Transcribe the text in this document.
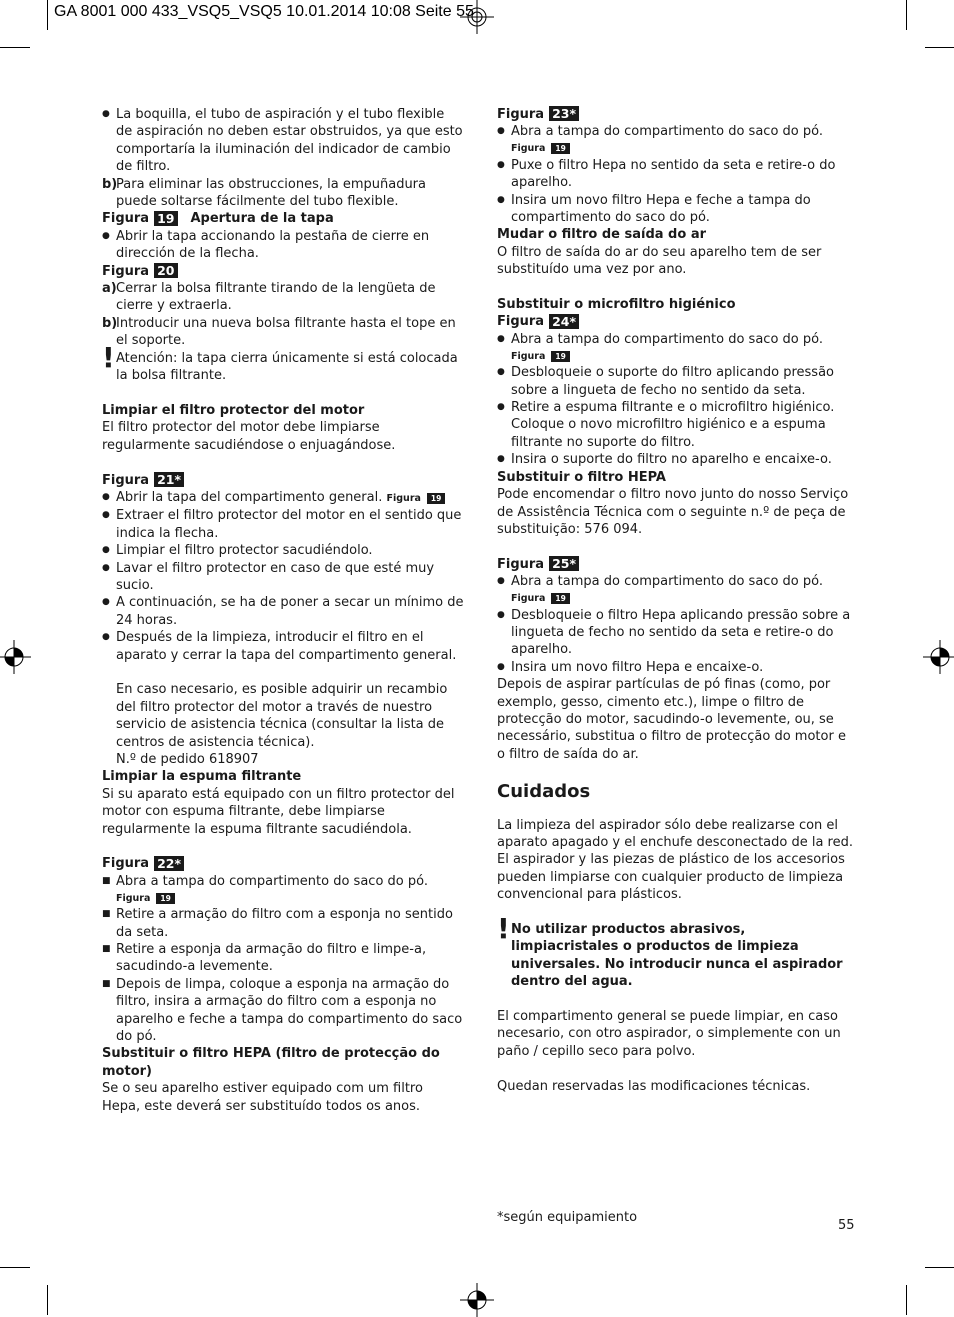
GA 8001 000 433_VSQ5_VSQ5 10.01.2014 10:08 Seite 55
● La boquilla, el tubo de aspiración y el tubo flexible de aspiración no deben estar obstruidos, ya que esto comportaría la iluminación del indicador de cambio de filtro.
b)
Para eliminar las obstrucciones, la empuñadura puede soltarse fácilmente del tubo flexible.
Figura 19 Apertura de la tapa
● Abrir la tapa accionando la pestaña de cierre en dirección de la flecha.
Figura 20
a) Cerrar la bolsa filtrante tirando de la lengüeta de cierre y extraerla.
b)
Introducir una nueva bolsa filtrante hasta el tope en el soporte.
! Atención: la tapa cierra únicamente si está colocada la bolsa filtrante.

Limpiar el filtro protector del motor

El filtro protector del motor debe limpiarse regularmente sacudiéndose o enjuagándose.

Figura 21*
● Abrir la tapa del compartimento general. Figura	19
● Extraer el filtro protector del motor en el sentido que indica la flecha.
● Limpiar el filtro protector sacudiéndolo.
● Lavar el filtro protector en caso de que esté muy sucio.
● A continuación, se ha de poner a secar un mínimo de 24 horas.
● Después de la limpieza, introducir el filtro en el aparato y cerrar la tapa del compartimento general.
En caso necesario, es posible adquirir un recambio del filtro protector del motor a través de nuestro servicio de asistencia técnica (consultar la lista de centros de asistencia técnica).
N.º de pedido 618907

Limpiar la espuma filtrante

Si su aparato está equipado con un filtro protector del motor con espuma filtrante, debe limpiarse regularmente la espuma filtrante sacudiéndola.

Figura 22*
■ Abra a tampa do compartimento do saco do pó.
Figura	19
■ Retire a armação do filtro com a esponja no sentido da seta.
■ Retire a esponja da armação do filtro e limpe-a, sacudindo-a levemente.
■ Depois de limpa, coloque a esponja na armação do filtro, insira a armação do filtro com a esponja no aparelho e feche a tampa do compartimento do saco do pó.

Substituir o filtro HEPA (filtro de protecção do motor)

Se o seu aparelho estiver equipado com um filtro Hepa, este deverá ser substituído todos os anos.

Figura 23*
● Abra a tampa do compartimento do saco do pó.
Figura	19
● Puxe o filtro Hepa no sentido da seta e retire-o do aparelho.
● Insira um novo filtro Hepa e feche a tampa do compartimento do saco do pó.

Mudar o filtro de saída do ar

O filtro de saída do ar do seu aparelho tem de ser substituído uma vez por ano.

Substituir o microfiltro higiénico

Figura 24*
● Abra a tampa do compartimento do saco do pó.
Figura	19
● Desbloqueie o suporte do filtro aplicando pressão sobre a lingueta de fecho no sentido da seta.
● Retire a espuma filtrante e o microfiltro higiénico. Coloque o novo microfiltro higiénico e a espuma filtrante no suporte do filtro.
● Insira o suporte do filtro no aparelho e encaixe-o.

Substituir o filtro HEPA

Pode encomendar o filtro novo junto do nosso Serviço de Assistência Técnica com o seguinte n.º de peça de substituição: 576 094.

Figura 25*
● Abra a tampa do compartimento do saco do pó.
Figura	19
● Desbloqueie o filtro Hepa aplicando pressão sobre a lingueta de fecho no sentido da seta e retire-o do aparelho.
● Insira um novo filtro Hepa e encaixe-o.

Depois de aspirar partículas de pó finas (como, por exemplo, gesso, cimento etc.), limpe o filtro de protecção do motor, sacudindo-o levemente, ou, se necessário, substitua o filtro de protecção do motor e o filtro de saída do ar.

Cuidados

La limpieza del aspirador sólo debe realizarse con el aparato apagado y el enchufe desconectado de la red. El aspirador y las piezas de plástico de los accesorios pueden limpiarse con cualquier producto de limpieza convencional para plásticos.

! No utilizar productos abrasivos, limpiacristales o productos de limpieza universales. No introducir nunca el aspirador dentro del agua.

El compartimento general se puede limpiar, en caso necesario, con otro aspirador, o simplemente con un paño / cepillo seco para polvo.

Quedan reservadas las modificaciones técnicas.

*según equipamiento
55
